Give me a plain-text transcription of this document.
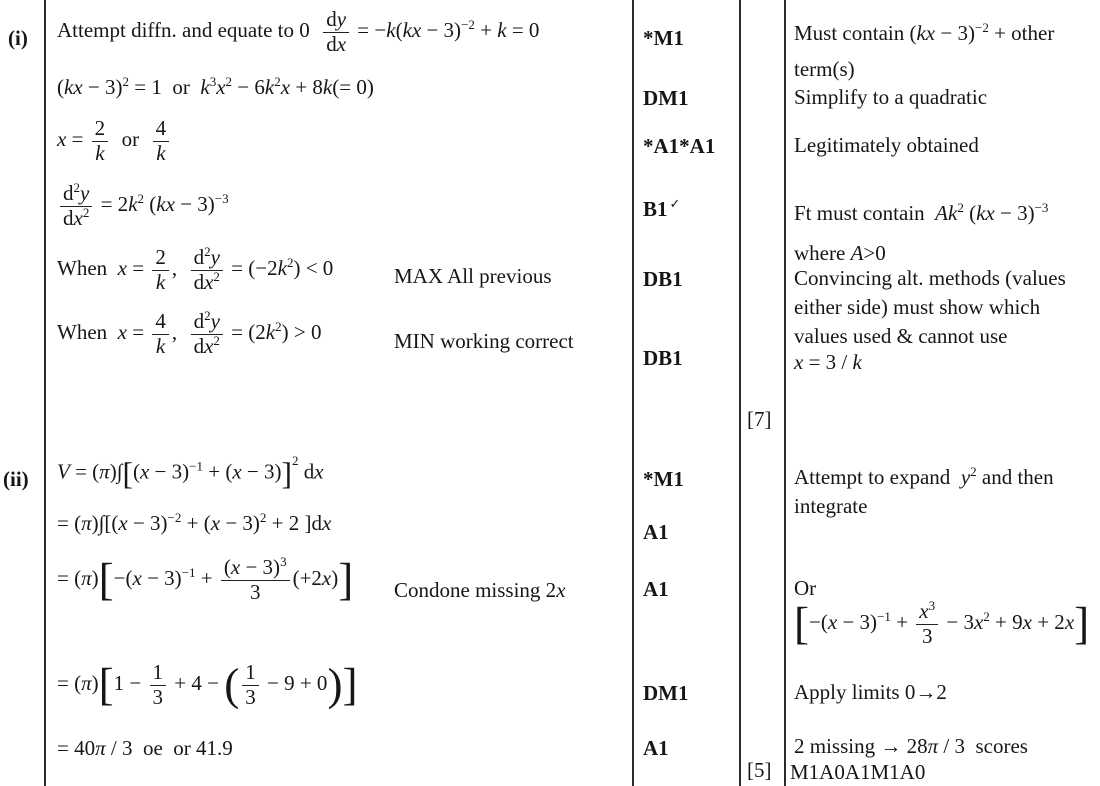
(i)
(ii)
Attempt diffn. and equate to $0 \frac{dy}{dx} = -k(kx - 3)^{-2} + k = 0$
(kx − 3)$^2$ = 1  or  $k^3x^2 - 6k^2x + 8k(= 0)$
$x = \frac{2}{k}$ or $\frac{4}{k}$
$\frac{d^2y}{dx^2} = 2k^2$ (kx − 3)$^{-3}$
When  $x = \frac{2}{k}$ , $\frac{d^2y}{dx^2} = (-2k^2) < 0$
When  $x = \frac{4}{k}$ , $\frac{d^2y}{dx^2} = (2k^2) > 0$
MAX All previous
MIN working correct
$V = (\pi)\int[(x - 3)^{-1} + (x - 3)]^2$ dx
= $(\pi)\int[(x - 3)^{-2} + (x - 3)^2 + 2$ ]dx
= $(\pi)[-(x - 3)^{-1} + \frac{(x - 3)^3}{3} (+2x)]$ Condone missing 2x
= $(\pi)[1 - \frac{1}{3} + 4$ − ( $\frac{1}{3} - 9 + 0$)]
= 40π / 3  oe  or 41.9
*M1
DM1
*A1*A1
B1 ✓
DB1
DB1
[7]
*M1
A1
A1
DM1
A1
[5]
Must contain (kx − 3)$^{-2}$ + other
term(s)
Simplify to a quadratic
Legitimately obtained
Ft must contain  Ak$^2$ (kx − 3)$^{-3}$
where A>0
Convincing alt. methods (values
either side) must show which
values used & cannot use
x = 3 / k
Attempt to expand  $y^2$ and then
integrate
Or
$[-(x - 3)^{-1} + \frac{x^3}{3} - 3x^2 + 9x + 2x]$
Apply limits 0→2
2 missing → 28π / 3  scores
M1A0A1M1A0
